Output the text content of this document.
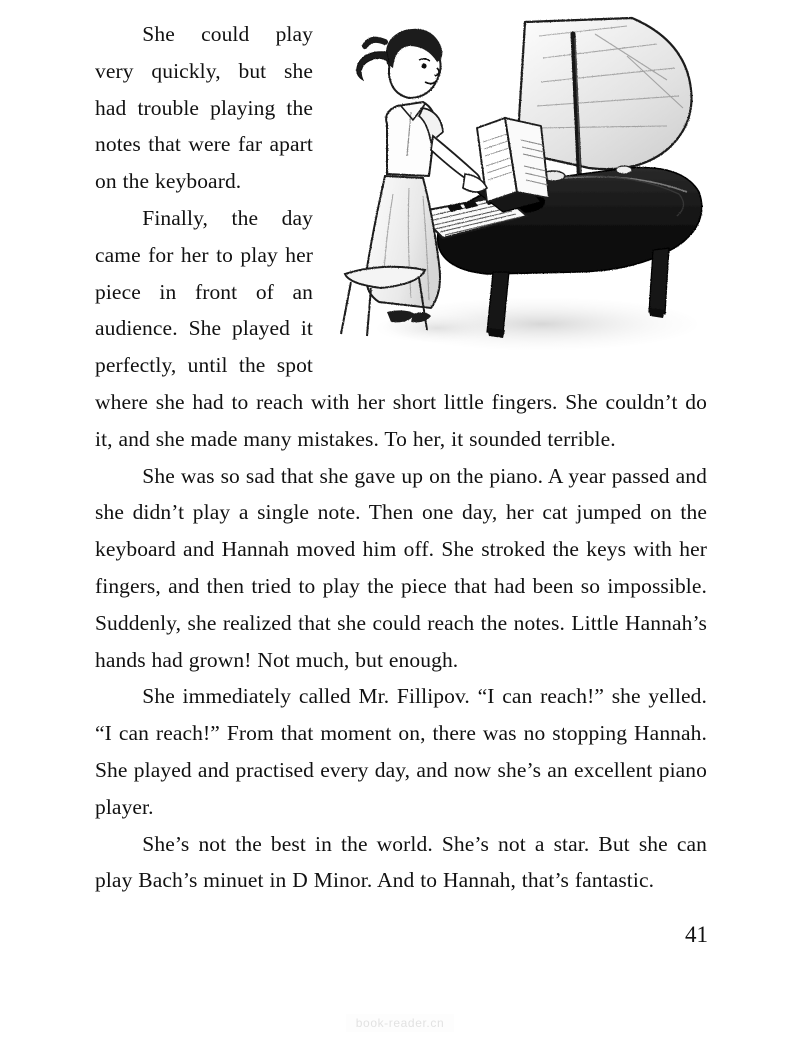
She could play very quickly, but she had trouble playing the notes that were far apart on the keyboard.

Finally, the day came for her to play her piece in front of an audience. She played it perfectly, until the spot where she had to reach with her short little fingers. She couldn’t do it, and she made many mistakes. To her, it sounded terrible.

She was so sad that she gave up on the piano. A year passed and she didn’t play a single note. Then one day, her cat jumped on the keyboard and Hannah moved him off. She stroked the keys with her fingers, and then tried to play the piece that had been so impossible. Suddenly, she realized that she could reach the notes. Little Hannah’s hands had grown! Not much, but enough.

She immediately called Mr. Fillipov. “I can reach!” she yelled. “I can reach!” From that moment on, there was no stopping Hannah. She played and practised every day, and now she’s an excellent piano player.

She’s not the best in the world. She’s not a star. But she can play Bach’s minuet in D Minor. And to Hannah, that’s fantastic.

41
book-reader.cn
